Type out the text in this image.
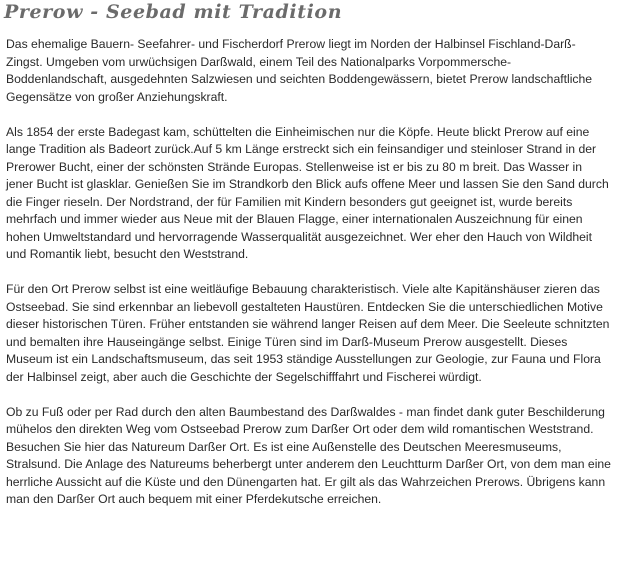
Prerow - Seebad mit Tradition

Das ehemalige Bauern- Seefahrer- und Fischerdorf Prerow liegt im Norden der Halbinsel Fischland-Darß-Zingst. Umgeben vom urwüchsigen Darßwald, einem Teil des Nationalparks Vorpommersche-Boddenlandschaft, ausgedehnten Salzwiesen und seichten Boddengewässern, bietet Prerow landschaftliche Gegensätze von großer Anziehungskraft.

Als 1854 der erste Badegast kam, schüttelten die Einheimischen nur die Köpfe. Heute blickt Prerow auf eine lange Tradition als Badeort zurück.Auf 5 km Länge erstreckt sich ein feinsandiger und steinloser Strand in der Prerower Bucht, einer der schönsten Strände Europas. Stellenweise ist er bis zu 80 m breit. Das Wasser in jener Bucht ist glasklar. Genießen Sie im Strandkorb den Blick aufs offene Meer und lassen Sie den Sand durch die Finger rieseln. Der Nordstrand, der für Familien mit Kindern besonders gut geeignet ist, wurde bereits mehrfach und immer wieder aus Neue mit der Blauen Flagge, einer internationalen Auszeichnung für einen hohen Umweltstandard und hervorragende Wasserqualität ausgezeichnet. Wer eher den Hauch von Wildheit und Romantik liebt, besucht den Weststrand.

Für den Ort Prerow selbst ist eine weitläufige Bebauung charakteristisch. Viele alte Kapitänshäuser zieren das Ostseebad. Sie sind erkennbar an liebevoll gestalteten Haustüren. Entdecken Sie die unterschiedlichen Motive dieser historischen Türen. Früher entstanden sie während langer Reisen auf dem Meer. Die Seeleute schnitzten und bemalten ihre Hauseingänge selbst. Einige Türen sind im Darß-Museum Prerow ausgestellt. Dieses Museum ist ein Landschaftsmuseum, das seit 1953 ständige Ausstellungen zur Geologie, zur Fauna und Flora der Halbinsel zeigt, aber auch die Geschichte der Segelschifffahrt und Fischerei würdigt.

Ob zu Fuß oder per Rad durch den alten Baumbestand des Darßwaldes - man findet dank guter Beschilderung mühelos den direkten Weg vom Ostseebad Prerow zum Darßer Ort oder dem wild romantischen Weststrand. Besuchen Sie hier das Natureum Darßer Ort. Es ist eine Außenstelle des Deutschen Meeresmuseums, Stralsund. Die Anlage des Natureums beherbergt unter anderem den Leuchtturm Darßer Ort, von dem man eine herrliche Aussicht auf die Küste und den Dünengarten hat. Er gilt als das Wahrzeichen Prerows. Übrigens kann man den Darßer Ort auch bequem mit einer Pferdekutsche erreichen.
